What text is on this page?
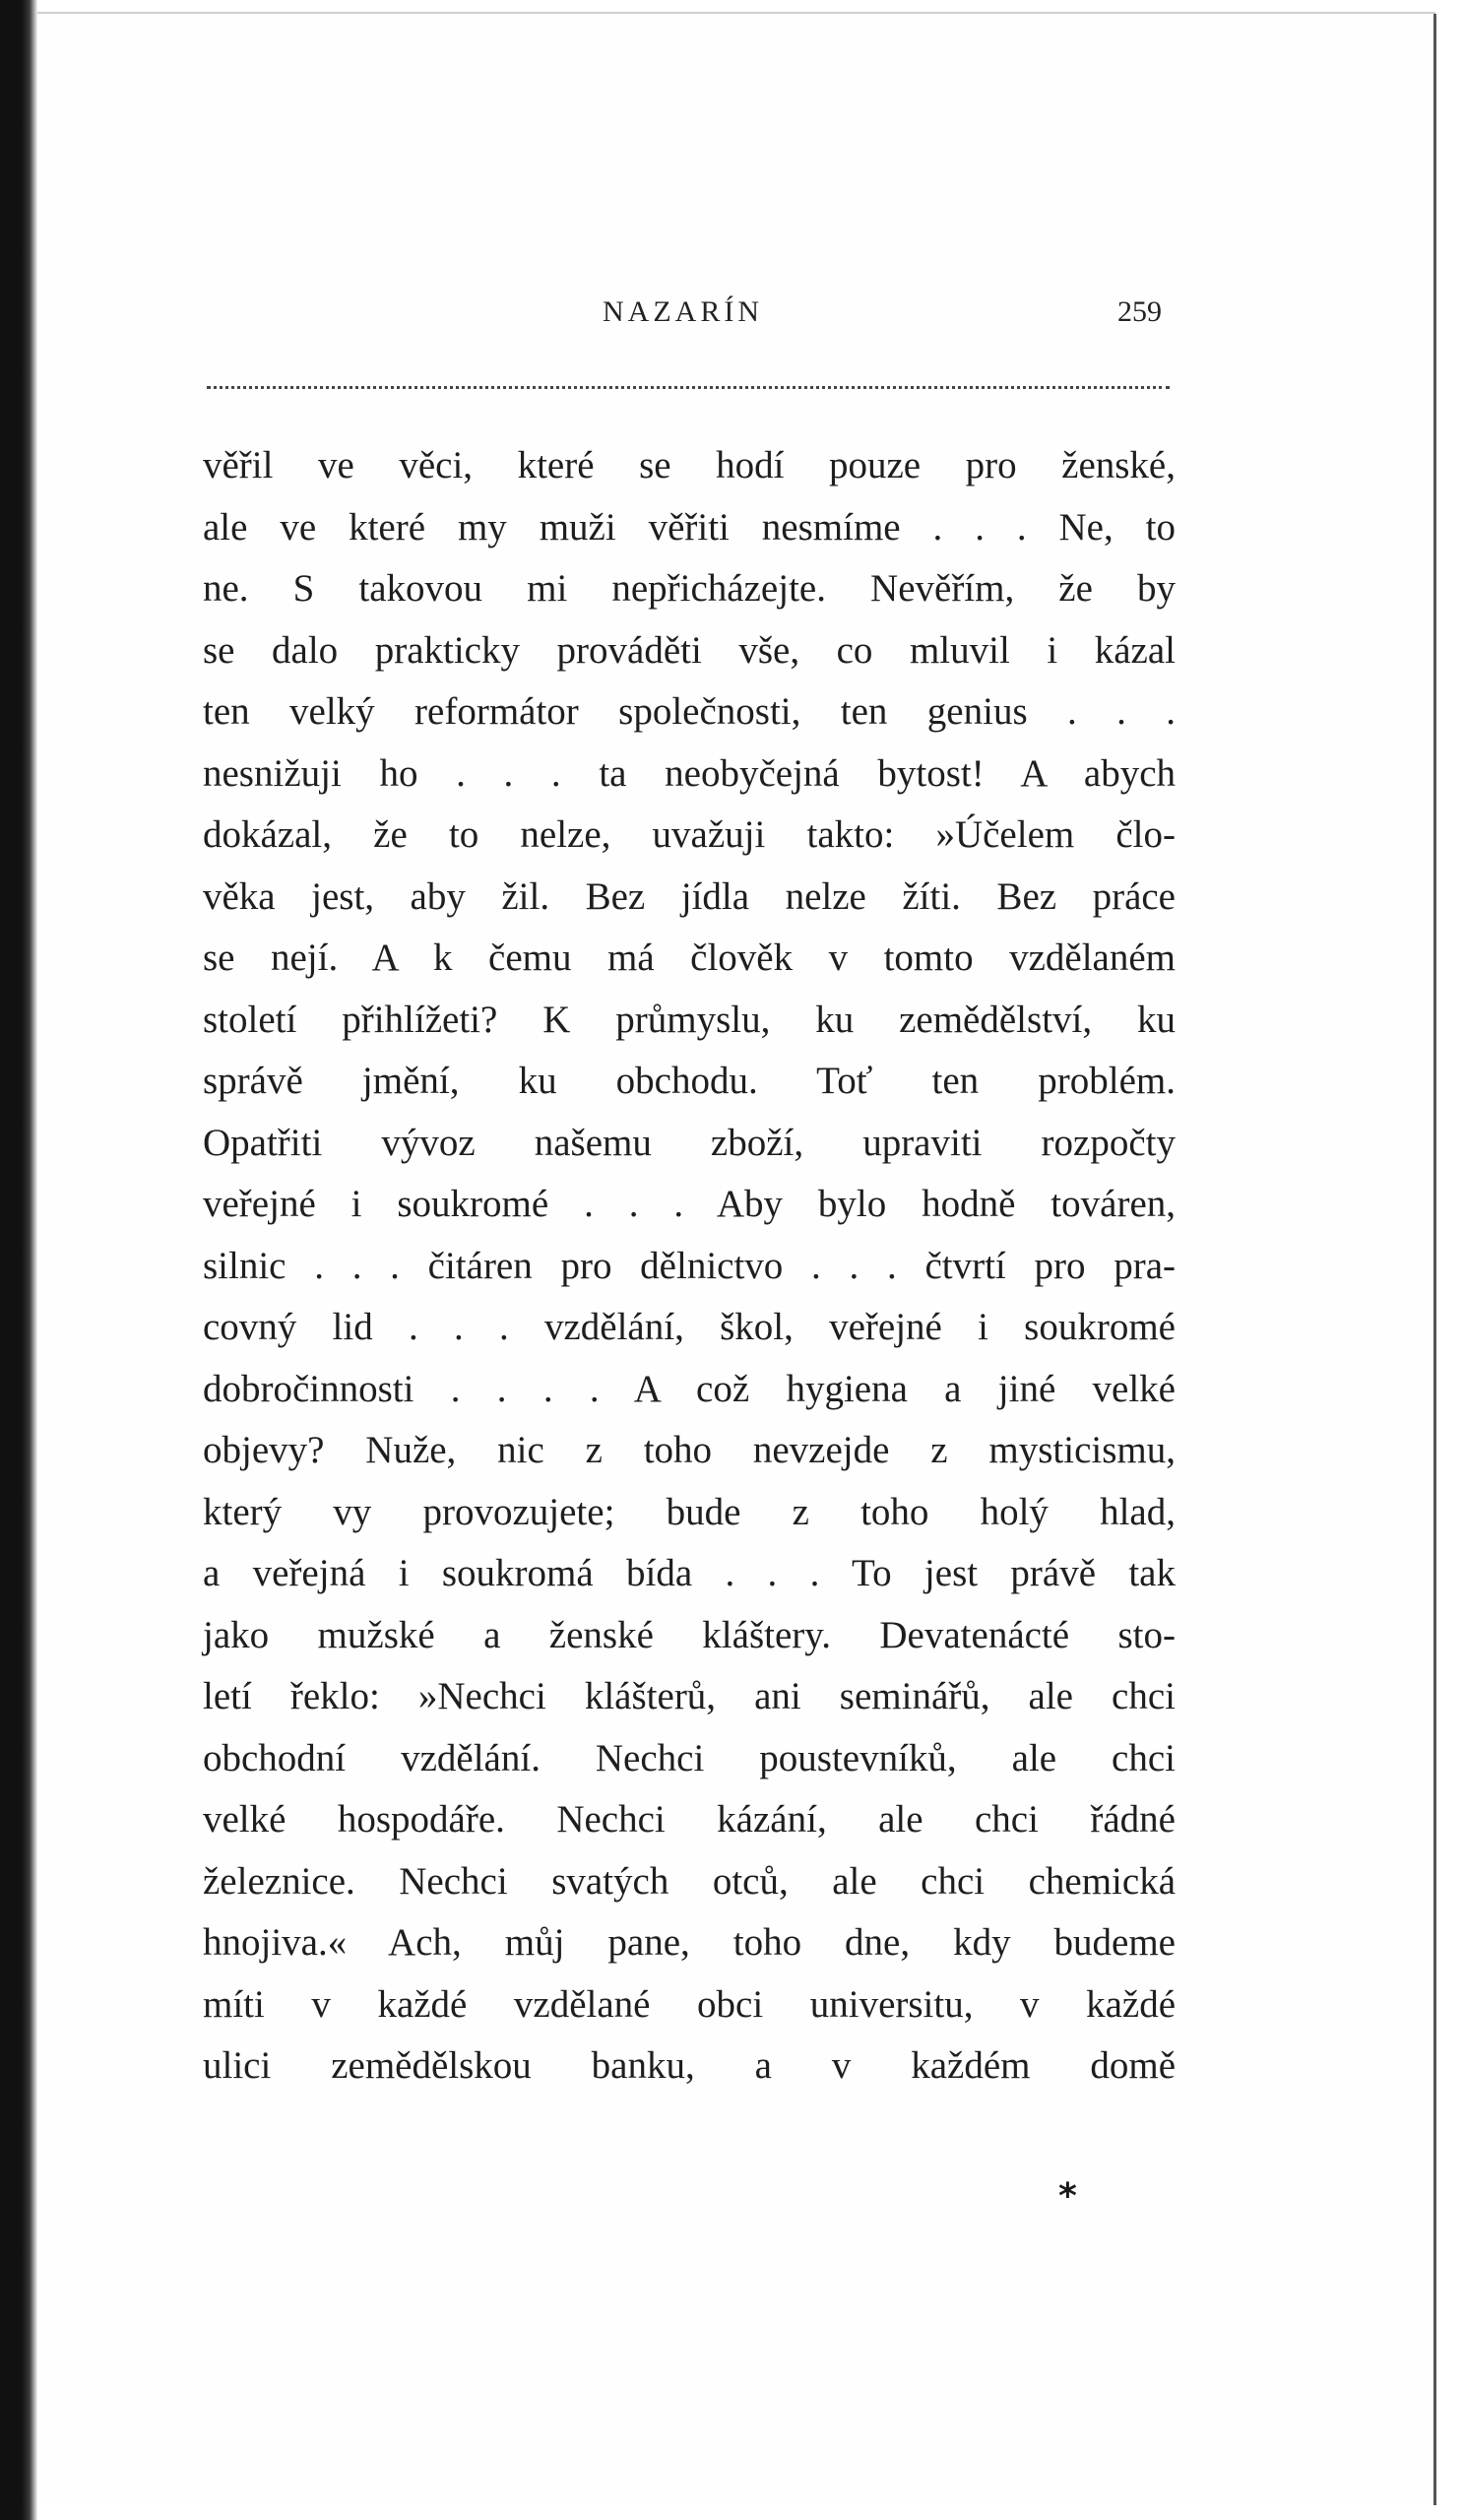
NAZARÍN	259
věřil ve věci, které se hodí pouze pro ženské,
ale ve které my muži věřiti nesmíme . . . Ne, to
ne. S takovou mi nepřicházejte. Nevěřím, že by
se dalo prakticky prováděti vše, co mluvil i kázal
ten velký reformátor společnosti, ten genius . . .
nesnižuji ho . . . ta neobyčejná bytost! A abych
dokázal, že to nelze, uvažuji takto: »Účelem člo-
věka jest, aby žil. Bez jídla nelze žíti. Bez práce
se nejí. A k čemu má člověk v tomto vzdělaném
století přihlížeti? K průmyslu, ku zemědělství, ku
správě jmění, ku obchodu. Toť ten problém.
Opatřiti vývoz našemu zboží, upraviti rozpočty
veřejné i soukromé . . . Aby bylo hodně továren,
silnic . . . čitáren pro dělnictvo . . . čtvrtí pro pra-
covný lid . . . vzdělání, škol, veřejné i soukromé
dobročinnosti . . . . A což hygiena a jiné velké
objevy? Nuže, nic z toho nevzejde z mysticismu,
který vy provozujete; bude z toho holý hlad,
a veřejná i soukromá bída . . . To jest právě tak
jako mužské a ženské kláštery. Devatenácté sto-
letí řeklo: »Nechci klášterů, ani seminářů, ale chci
obchodní vzdělání. Nechci poustevníků, ale chci
velké hospodáře. Nechci kázání, ale chci řádné
železnice. Nechci svatých otců, ale chci chemická
hnojiva.« Ach, můj pane, toho dne, kdy budeme
míti v každé vzdělané obci universitu, v každé
ulici zemědělskou banku, a v každém domě
*
